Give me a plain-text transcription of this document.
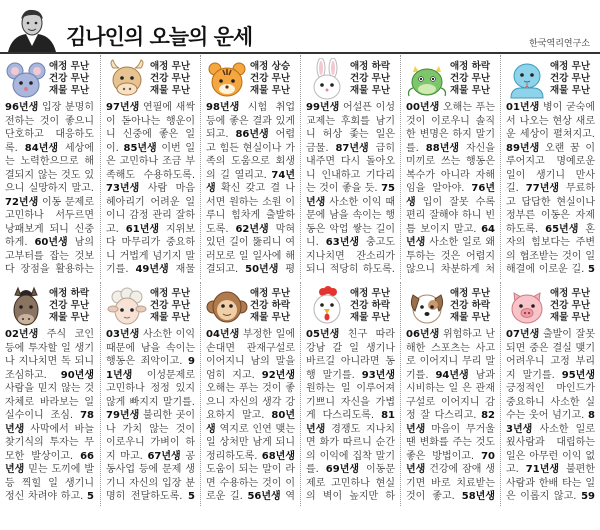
김나인의 오늘의 운세	한국역리연구소
애정 무난
건강 무난
재물 무난
96년생 입장 분명히 전하는 것이 좋으니 단호하고 대응하도록. 84년생 세상에는 노력한으므로 해결되지 않는 것도 있으니 실망하지 말고. 72년생 이동 문제로 고민하나 서두르면 낭패보게 되니 신중하게. 60년생 남의 고부터를 잡는 것보다 장점을 활용하는
애정 무난
건강 무난
재물 무난
97년생 연필에 새싹이 돋아나는 행운이니 신중에 좋은 일이. 85년생 이번 일은 고민하나 조금 부족해도 수용하도록. 73년생 사람 마음 헤아리기 어려운 일이니 감정 관리 잘하고. 61년생 지위보다 마무리가 중요하니 거법게 넘기지 말기를. 49년생 재물
애정 상승
건강 무난
재물 무난
98년생 시험 취업 등에 좋은 결과 있게 되고. 86년생 어렵고 힘든 현실이나 가족의 도움으로 회생의 길 열리고. 74년생 확신 갖고 결 나서면 원하는 소원 이루니 힘차게 출발하도록. 62년생 막혀있던 길이 뚫리니 여러모로 일 일사에 해결되고. 50년생 평
애정 하락
건강 무난
재물 무난
99년생 어설픈 이성교제는 후회를 남기니 허상 좇는 일은 금물. 87년생 급히 내주면 다시 돌아오니 인내하고 기다리는 것이 좋을 듯. 75년생 사소한 이익 때문에 남을 속이는 행동은 악업 쌓는 길이니. 63년생 충고도 지나치면 잔소리가 되니 적당히 하도록.
애정 하락
건강 무난
재물 무난
00년생 오해는 푸는 것이 이로우니 솔직한 변명은 하지 말기를. 88년생 자신을 미끼로 쓰는 행동은 복수가 아니라 자해임을 알아야. 76년생 입이 잘못 수록 편리 잘해야 하니 빈틈 보이지 말고. 64년생 사소한 일로 왜투하는 것은 어렵지 않으니 차분하게 처
애정 무난
건강 무난
재물 무난
01년생 병이 굳숙에서 나오는 현상 새로운 세상이 펼쳐지고. 89년생 오랜 꿈 이루어지고 명예로운 일이 생기니 만사 길. 77년생 무료하고 답답한 현실이나 정부른 이동은 자제하도록. 65년생 혼자의 힘보다는 주변의 협조받는 것이 일 해결에 이로운 길. 5
애정 하락
건강 무난
재물 무난
02년생 주식 코인 등에 투자할 일 생기나 지나치면 독 되니 조심하고. 90년생 사람을 믿지 않는 것 자체로 바라보는 일 실수이니 조심. 78년생 사막에서 바늘 찾기식의 투자는 무모한 발상이고. 66년생 믿는 도끼에 발등 찍힐 일 생기니 정신 차려야 하고. 5
애정 무난
건강 무난
재물 무난
03년생 사소한 이익 때문에 남을 속이는 행동은 죄악이고. 91년생 이성문제로 고민하나 정정 있지 않게 빠지지 말기를. 79년생 불리한 곳이나 가치 않는 것이 이로우니 가벼이 하지 마고. 67년생 공동사업 등에 문제 생기니 자신의 입장 분명히 전달하도록. 5
애정 무난
건강 하락
재물 무난
04년생 부정한 일에 손대면 관재구설로 이어지니 남의 말을 엄히 지고. 92년생 오해는 푸는 것이 좋으니 자신의 생각 강요하지 말고. 80년생 역지로 인연 맺는 일 상처만 남게 되니 정리하도록. 68년생 도움이 되는 말이 라면 수용하는 것이 이로운 길. 56년생 역
애정 무난
건강 하락
재물 무난
05년생 친구 따라 강남 갈 일 생기나 바르길 아니라면 동행 말기를. 93년생 원하는 일 이루어져 기쁘니 자신을 가볍게 다스리도록. 81년생 경쟁도 지나치면 화가 따르니 순간의 이익에 집착 말기를. 69년생 이동문제로 고민하나 현실의 벽이 높지만 하
애정 무난
건강 하락
재물 무난
06년생 위험하고 난해한 스포츠는 사고로 이어지니 무리 말기를. 94년생 남과 시비하는 일 은 관재구설로 이어지니 감정 잘 다스리고. 82년생 마음이 무거울 땐 변화를 주는 것도 좋은 방법이고. 70년생 건강에 잠애 생기면 바로 치료받는 것이 좋고. 58년생
애정 무난
건강 무난
재물 무난
07년생 출발이 잘못되면 중은 결실 맺기 어려우니 고정 부리지 말기를. 95년생 긍정적인 마인드가 중요하니 사소한 실수는 웃어 넘기고. 83년생 사소한 일로 욌사람과 대립하는 일은 아무런 이익 없고. 71년생 불편한 사람과 한배 타는 일은 이롭지 않고. 59
